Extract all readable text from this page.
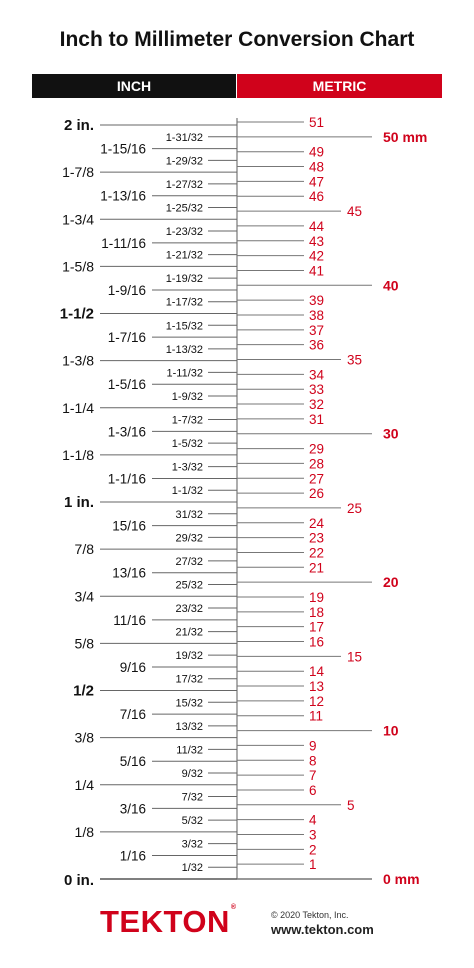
Inch to Millimeter Conversion Chart
INCH	METRIC
0 in.
1/32
1/16
3/32
1/8
5/32
3/16
7/32
1/4
9/32
5/16
11/32
3/8
13/32
7/16
15/32
1/2
17/32
9/16
19/32
5/8
21/32
11/16
23/32
3/4
25/32
13/16
27/32
7/8
29/32
15/16
31/32
1 in.
1-1/32
1-1/16
1-3/32
1-1/8
1-5/32
1-3/16
1-7/32
1-1/4
1-9/32
1-5/16
1-11/32
1-3/8
1-13/32
1-7/16
1-15/32
1-1/2
1-17/32
1-9/16
1-19/32
1-5/8
1-21/32
1-11/16
1-23/32
1-3/4
1-25/32
1-13/16
1-27/32
1-7/8
1-29/32
1-15/16
1-31/32
2 in.
0 mm
1
2
3
4
5
6
7
8
9
10
11
12
13
14
15
16
17
18
19
20
21
22
23
24
25
26
27
28
29
30
31
32
33
34
35
36
37
38
39
40
41
42
43
44
45
46
47
48
49
50 mm
51
TEKTON®
© 2020 Tekton, Inc.
www.tekton.com
